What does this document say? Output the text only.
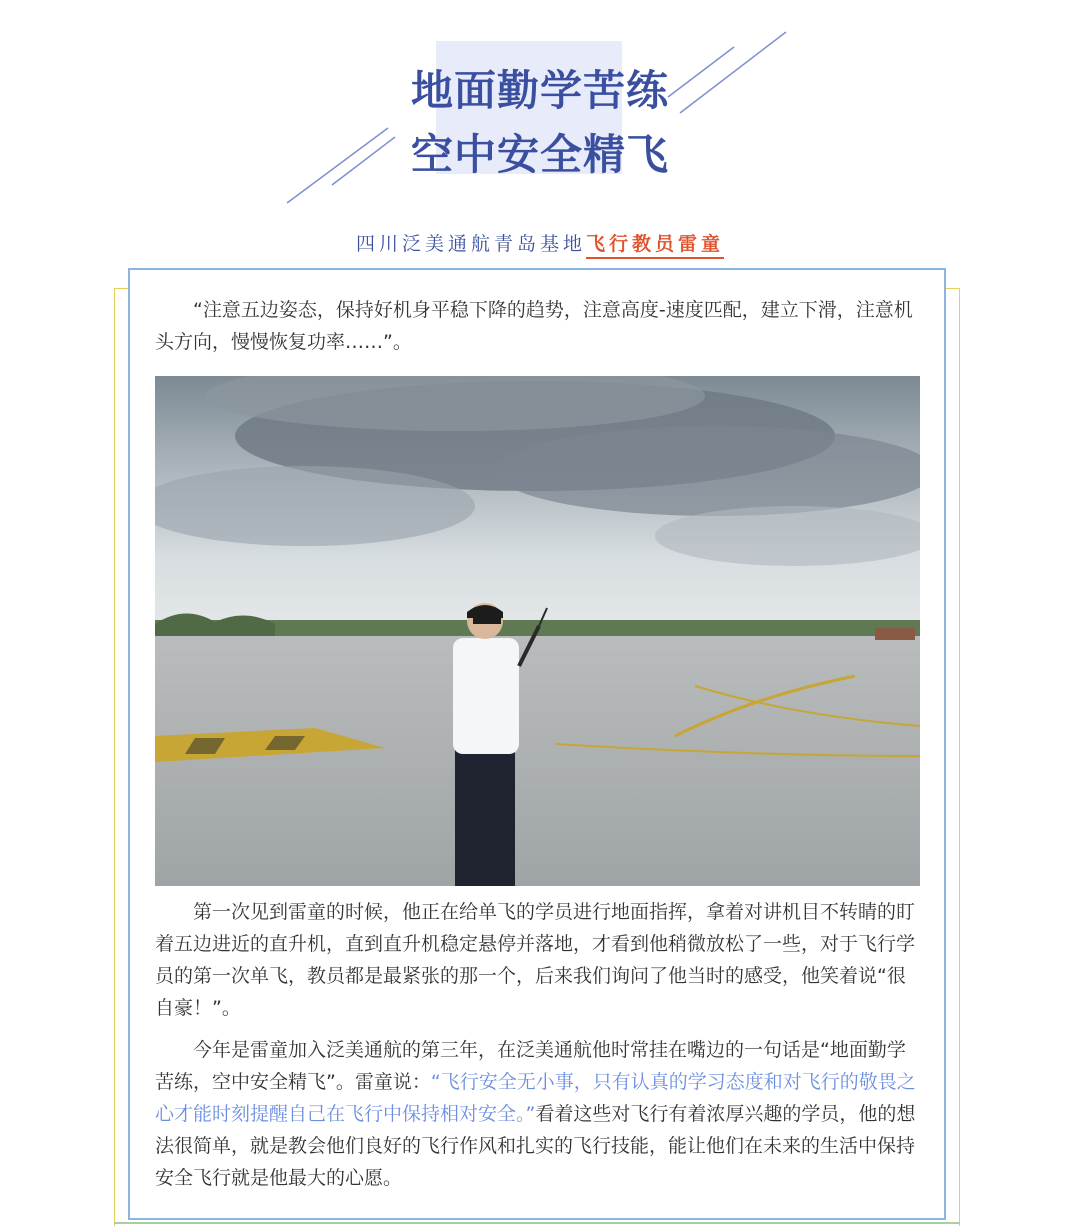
地面勤学苦练
空中安全精飞
四川泛美通航青岛基地飞行教员雷童

“注意五边姿态，保持好机身平稳下降的趋势，注意高度-速度匹配，建立下滑，注意机头方向，慢慢恢复功率……”。

第一次见到雷童的时候，他正在给单飞的学员进行地面指挥，拿着对讲机目不转睛的盯着五边进近的直升机，直到直升机稳定悬停并落地，才看到他稍微放松了一些，对于飞行学员的第一次单飞，教员都是最紧张的那一个，后来我们询问了他当时的感受，他笑着说“很自豪！”。

今年是雷童加入泛美通航的第三年，在泛美通航他时常挂在嘴边的一句话是“地面勤学苦练，空中安全精飞”。雷童说：“飞行安全无小事，只有认真的学习态度和对飞行的敬畏之心才能时刻提醒自己在飞行中保持相对安全。”看着这些对飞行有着浓厚兴趣的学员，他的想法很简单，就是教会他们良好的飞行作风和扎实的飞行技能，能让他们在未来的生活中保持安全飞行就是他最大的心愿。
